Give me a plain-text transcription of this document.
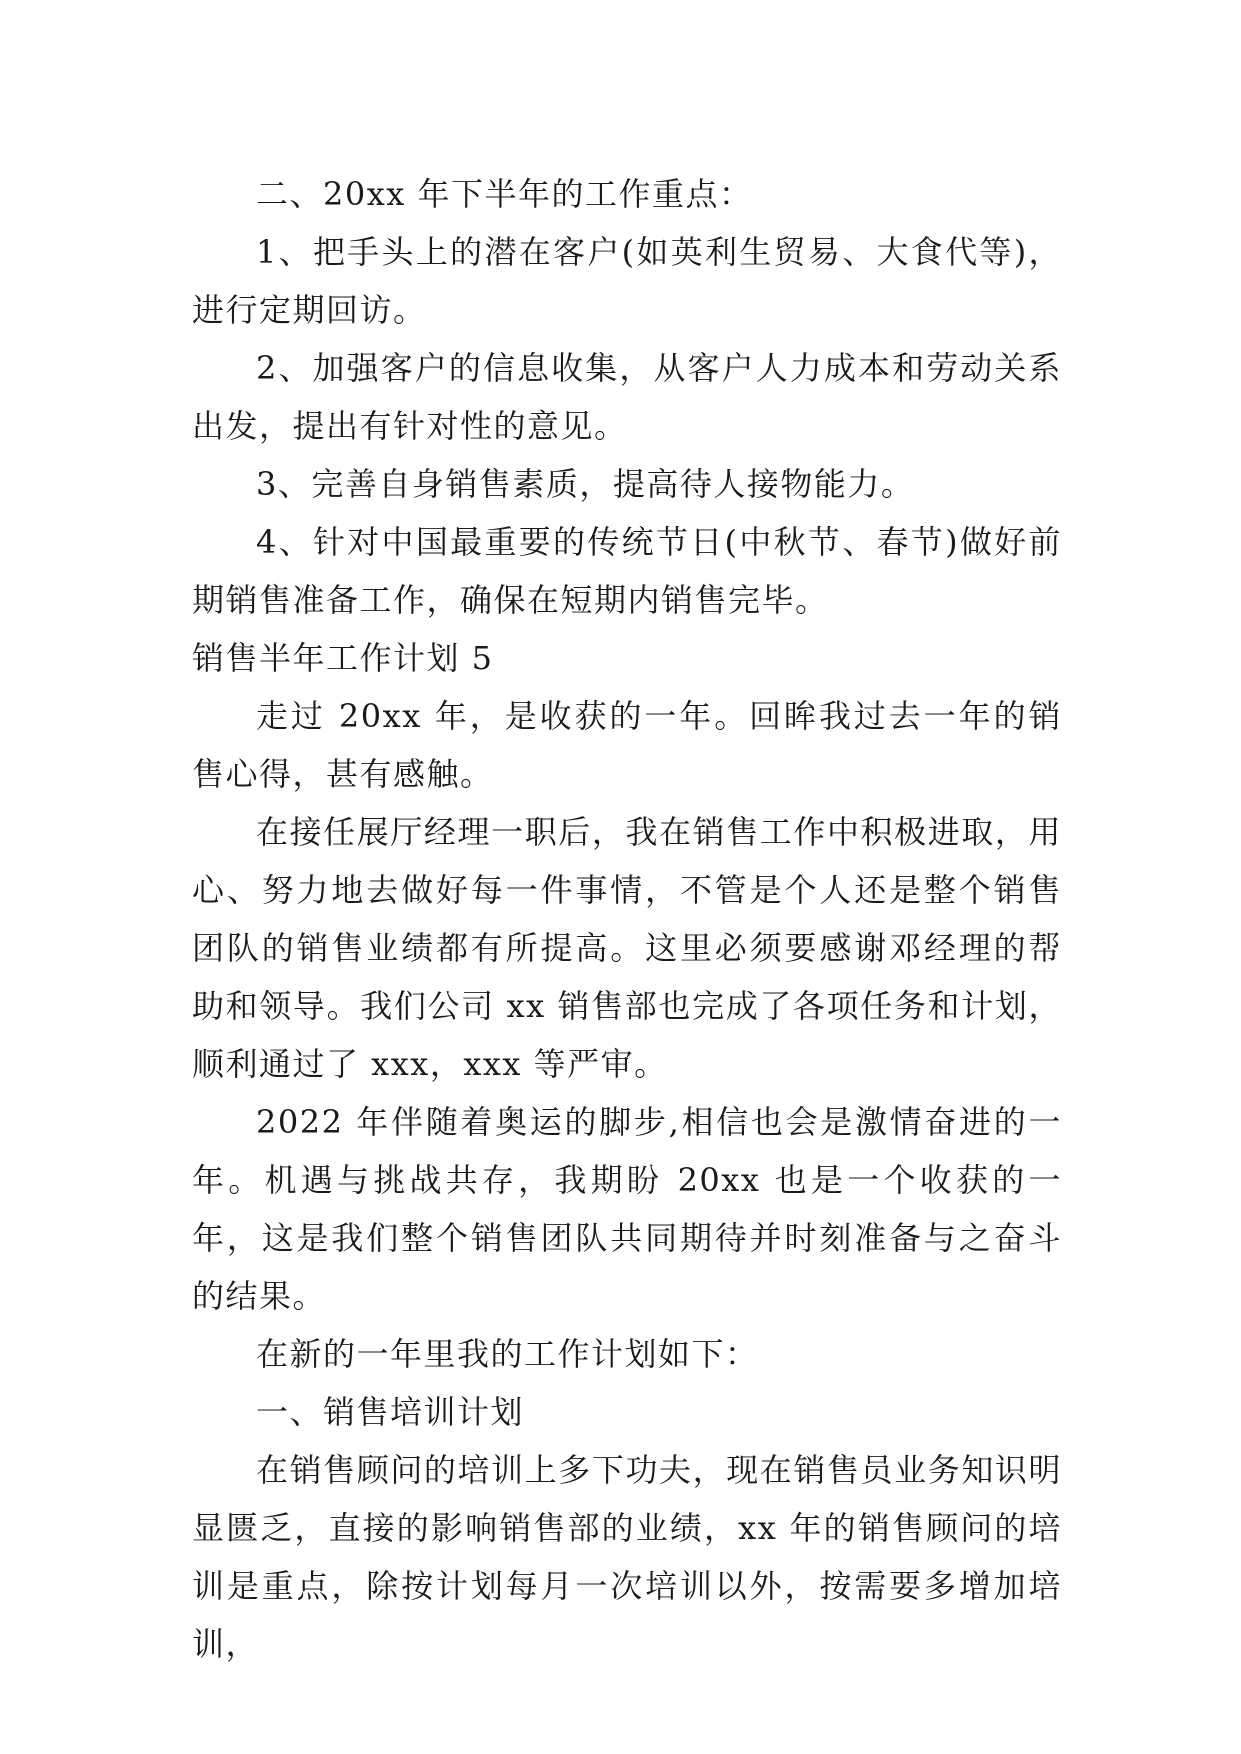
二、20xx 年下半年的工作重点：

1、把手头上的潜在客户(如英利生贸易、大食代等)，进行定期回访。

2、加强客户的信息收集，从客户人力成本和劳动关系出发，提出有针对性的意见。

3、完善自身销售素质，提高待人接物能力。

4、针对中国最重要的传统节日(中秋节、春节)做好前期销售准备工作，确保在短期内销售完毕。

销售半年工作计划 5

走过 20xx 年，是收获的一年。回眸我过去一年的销售心得，甚有感触。

在接任展厅经理一职后，我在销售工作中积极进取，用心、努力地去做好每一件事情，不管是个人还是整个销售团队的销售业绩都有所提高。这里必须要感谢邓经理的帮助和领导。我们公司 xx 销售部也完成了各项任务和计划，顺利通过了 xxx，xxx 等严审。

2022 年伴随着奥运的脚步,相信也会是激情奋进的一年。机遇与挑战共存，我期盼 20xx 也是一个收获的一年，这是我们整个销售团队共同期待并时刻准备与之奋斗的结果。

在新的一年里我的工作计划如下：

一、销售培训计划

在销售顾问的培训上多下功夫，现在销售员业务知识明显匮乏，直接的影响销售部的业绩，xx 年的销售顾问的培训是重点，除按计划每月一次培训以外，按需要多增加培训，
